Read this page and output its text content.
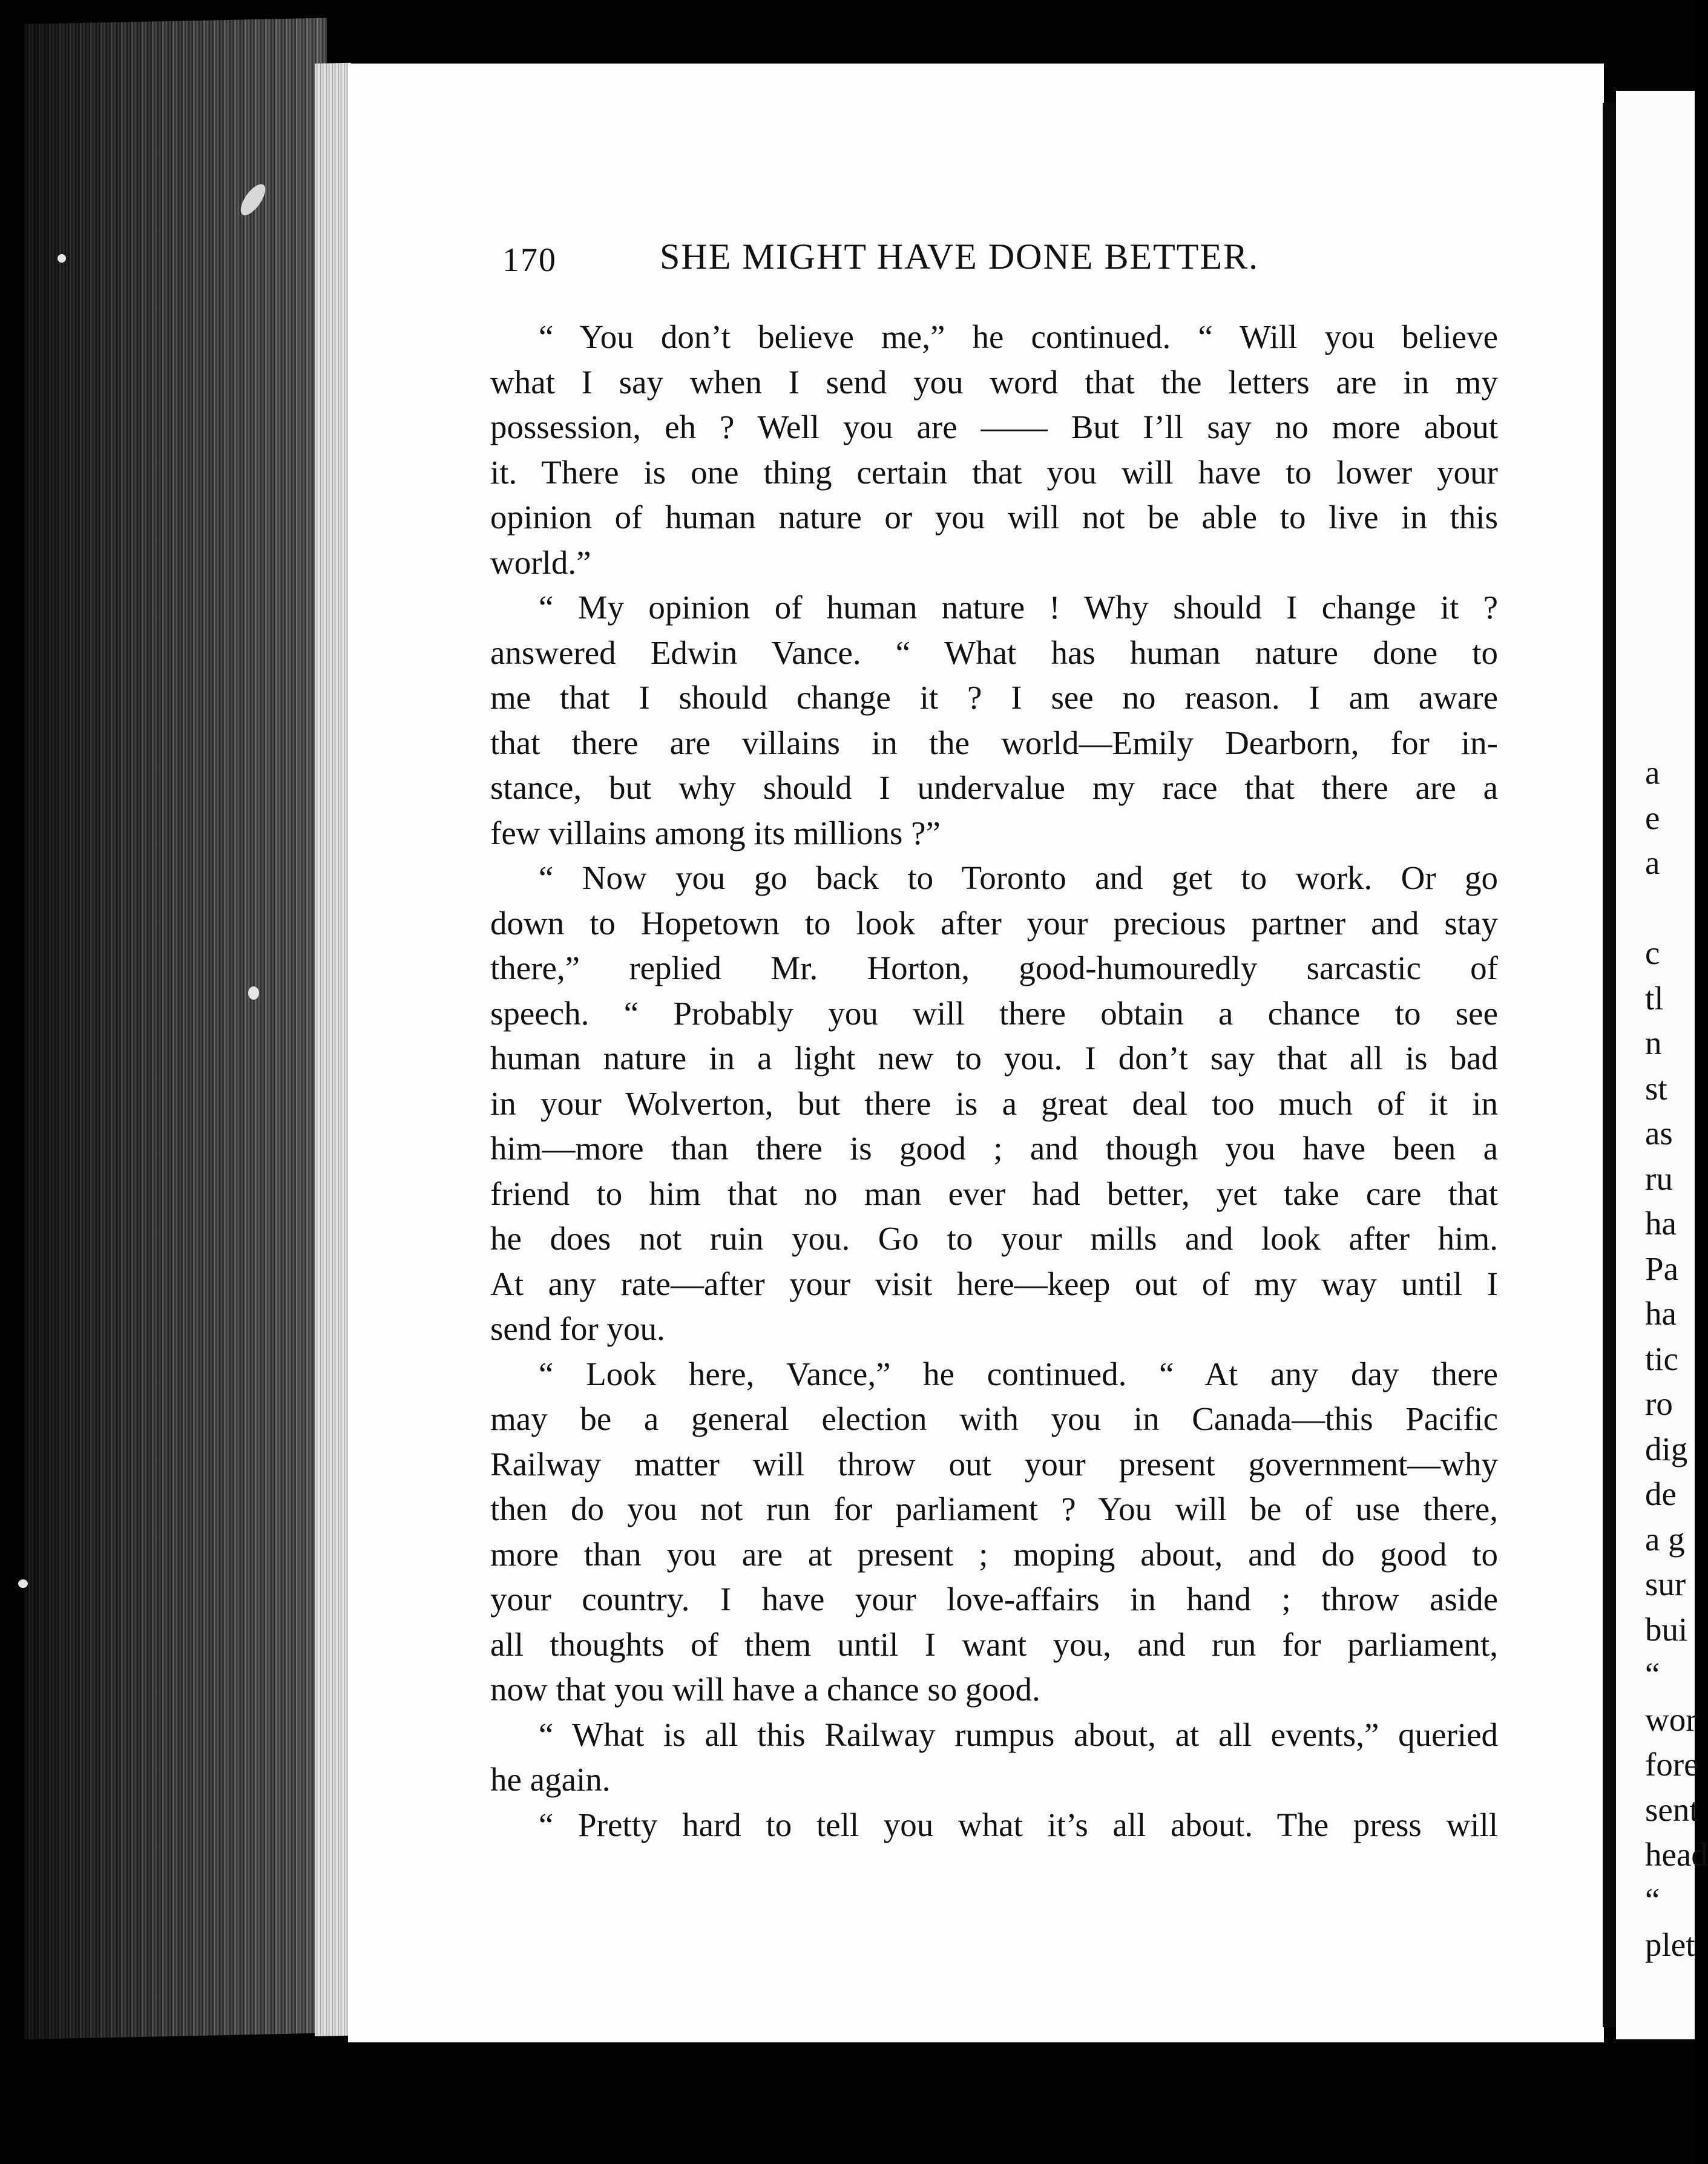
170	SHE MIGHT HAVE DONE BETTER.
“ You don’t believe me,” he continued. “ Will you believe
what I say when I send you word that the letters are in my
possession, eh ? Well you are —— But I’ll say no more about
it. There is one thing certain that you will have to lower your
opinion of human nature or you will not be able to live in this
world.”
“ My opinion of human nature ! Why should I change it ?
answered Edwin Vance. “ What has human nature done to
me that I should change it ? I see no reason. I am aware
that there are villains in the world—Emily Dearborn, for in-
stance, but why should I undervalue my race that there are a
few villains among its millions ?”
“ Now you go back to Toronto and get to work. Or go
down to Hopetown to look after your precious partner and stay
there,” replied Mr. Horton, good-humouredly sarcastic of
speech. “ Probably you will there obtain a chance to see
human nature in a light new to you. I don’t say that all is bad
in your Wolverton, but there is a great deal too much of it in
him—more than there is good ; and though you have been a
friend to him that no man ever had better, yet take care that
he does not ruin you. Go to your mills and look after him.
At any rate—after your visit here—keep out of my way until I
send for you.
“ Look here, Vance,” he continued. “ At any day there
may be a general election with you in Canada—this Pacific
Railway matter will throw out your present government—why
then do you not run for parliament ? You will be of use there,
more than you are at present ; moping about, and do good to
your country. I have your love-affairs in hand ; throw aside
all thoughts of them until I want you, and run for parliament,
now that you will have a chance so good.
“ What is all this Railway rumpus about, at all events,” queried
he again.
“ Pretty hard to tell you what it’s all about. The press will
a
e
a
c
tl
n
st
as
ru
ha
Pa
ha
tic
ro
dig
de
a g
sur
bui
“
wor
fore
sent
head
“
plet
